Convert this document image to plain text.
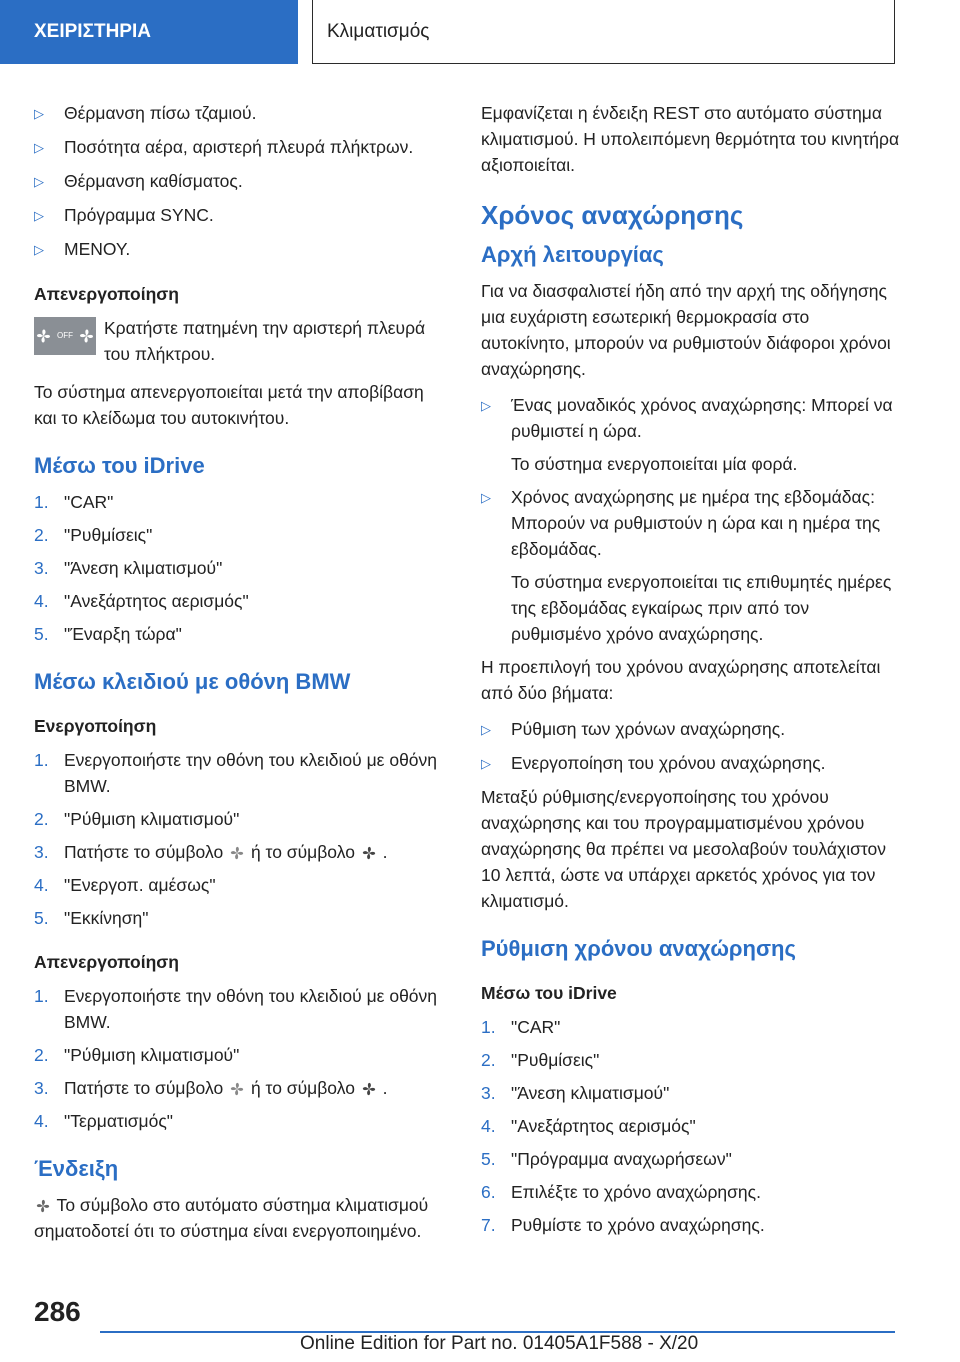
ΧΕΙΡΙΣΤΗΡΙΑ	Κλιματισμός
▷	Θέρμανση πίσω τζαμιού.
▷	Ποσότητα αέρα, αριστερή πλευρά πλήκτρων.
▷	Θέρμανση καθίσματος.
▷	Πρόγραμμα SYNC.
▷	ΜΕΝΟΥ.
Απενεργοποίηση
OFF Κρατήστε πατημένη την αριστερή πλευρά του πλήκτρου.
Το σύστημα απενεργοποιείται μετά την αποβίβαση και το κλείδωμα του αυτοκινήτου.
Μέσω του iDrive
1. "CAR"
2. "Ρυθμίσεις"
3. "Άνεση κλιματισμού"
4. "Ανεξάρτητος αερισμός"
5. "Έναρξη τώρα"
Μέσω κλειδιού με οθόνη BMW
Ενεργοποίηση
1. Ενεργοποιήστε την οθόνη του κλειδιού με οθόνη BMW.
2. "Ρύθμιση κλιματισμού"
3. Πατήστε το σύμβολο ή το σύμβολο  .
4. "Ενεργοπ. αμέσως"
5. "Εκκίνηση"
Απενεργοποίηση
1. Ενεργοποιήστε την οθόνη του κλειδιού με οθόνη BMW.
2. "Ρύθμιση κλιματισμού"
3. Πατήστε το σύμβολο ή το σύμβολο  .
4. "Τερματισμός"
Ένδειξη
Το σύμβολο στο αυτόματο σύστημα κλιματισμού σηματοδοτεί ότι το σύστημα είναι ενεργοποιημένο.
Εμφανίζεται η ένδειξη REST στο αυτόματο σύστημα κλιματισμού. Η υπολειπόμενη θερμότητα του κινητήρα αξιοποιείται.
Χρόνος αναχώρησης
Αρχή λειτουργίας
Για να διασφαλιστεί ήδη από την αρχή της οδήγησης μια ευχάριστη εσωτερική θερμοκρασία στο αυτοκίνητο, μπορούν να ρυθμιστούν διάφοροι χρόνοι αναχώρησης.
▷	Ένας μοναδικός χρόνος αναχώρησης: Μπορεί να ρυθμιστεί η ώρα.
Το σύστημα ενεργοποιείται μία φορά.
▷	Χρόνος αναχώρησης με ημέρα της εβδομάδας: Μπορούν να ρυθμιστούν η ώρα και η ημέρα της εβδομάδας.
Το σύστημα ενεργοποιείται τις επιθυμητές ημέρες της εβδομάδας εγκαίρως πριν από τον ρυθμισμένο χρόνο αναχώρησης.
Η προεπιλογή του χρόνου αναχώρησης αποτελείται από δύο βήματα:
▷	Ρύθμιση των χρόνων αναχώρησης.
▷	Ενεργοποίηση του χρόνου αναχώρησης.
Μεταξύ ρύθμισης/ενεργοποίησης του χρόνου αναχώρησης και του προγραμματισμένου χρόνου αναχώρησης θα πρέπει να μεσολαβούν τουλάχιστον 10 λεπτά, ώστε να υπάρχει αρκετός χρόνος για τον κλιματισμό.
Ρύθμιση χρόνου αναχώρησης
Μέσω του iDrive
1. "CAR"
2. "Ρυθμίσεις"
3. "Άνεση κλιματισμού"
4. "Ανεξάρτητος αερισμός"
5. "Πρόγραμμα αναχωρήσεων"
6. Επιλέξτε το χρόνο αναχώρησης.
7. Ρυθμίστε το χρόνο αναχώρησης.
286
Online Edition for Part no. 01405A1F588 - X/20
